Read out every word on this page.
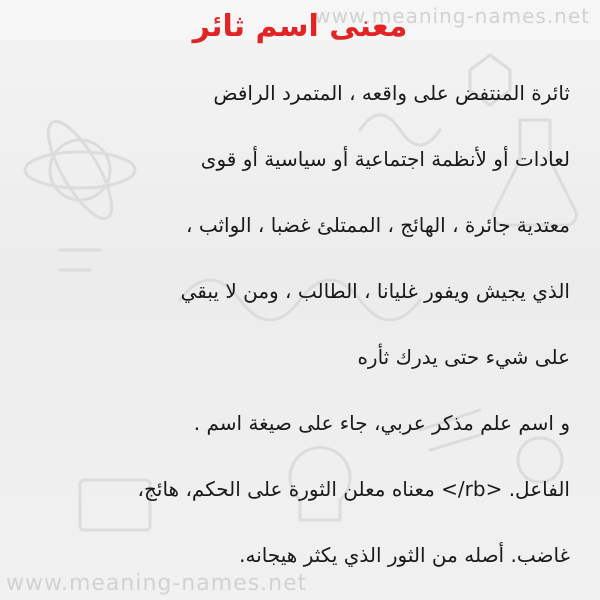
www.meaning-names.net
معنى اسم ثائر
ثائرة المنتفض على واقعه ، المتمرد الرافض
لعادات أو لأنظمة اجتماعية أو سياسية أو قوى
معتدية جائرة ، الهائج ، الممتلئ غضبا ، الواثب ،
الذي يجيش ويفور غليانا ، الطالب ، ومن لا يبقي
على شيء حتى يدرك ثأره
و اسم علم مذكر عربي، جاء على صيغة اسم .
الفاعل. <rb/> معناه معلن الثورة على الحكم، هائج،
غاضب. أصله من الثور الذي يكثر هيجانه.
www.meaning-names.net
